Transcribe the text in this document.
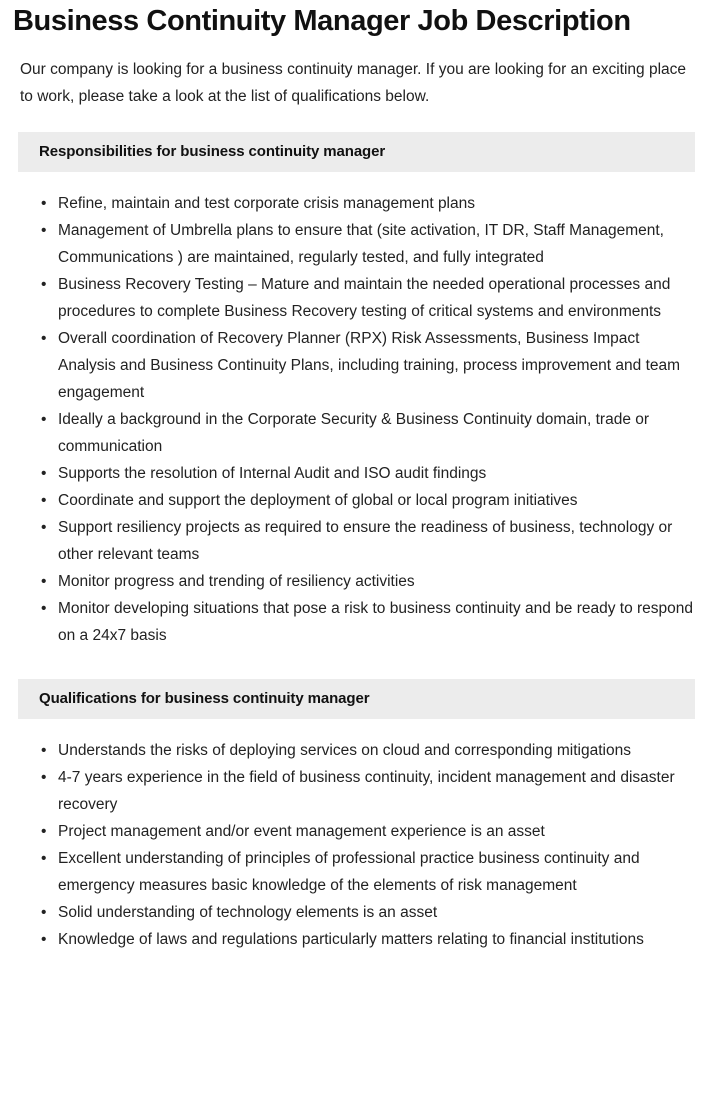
Business Continuity Manager Job Description

Our company is looking for a business continuity manager. If you are looking for an exciting place to work, please take a look at the list of qualifications below.

Responsibilities for business continuity manager
• Refine, maintain and test corporate crisis management plans
• Management of Umbrella plans to ensure that (site activation, IT DR, Staff Management, Communications ) are maintained, regularly tested, and fully integrated
• Business Recovery Testing – Mature and maintain the needed operational processes and procedures to complete Business Recovery testing of critical systems and environments
• Overall coordination of Recovery Planner (RPX) Risk Assessments, Business Impact Analysis and Business Continuity Plans, including training, process improvement and team engagement
• Ideally a background in the Corporate Security & Business Continuity domain, trade or communication
• Supports the resolution of Internal Audit and ISO audit findings
• Coordinate and support the deployment of global or local program initiatives
• Support resiliency projects as required to ensure the readiness of business, technology or other relevant teams
• Monitor progress and trending of resiliency activities
• Monitor developing situations that pose a risk to business continuity and be ready to respond on a 24x7 basis
Qualifications for business continuity manager
• Understands the risks of deploying services on cloud and corresponding mitigations
• 4-7 years experience in the field of business continuity, incident management and disaster recovery
• Project management and/or event management experience is an asset
• Excellent understanding of principles of professional practice business continuity and emergency measures basic knowledge of the elements of risk management
• Solid understanding of technology elements is an asset
• Knowledge of laws and regulations particularly matters relating to financial institutions
